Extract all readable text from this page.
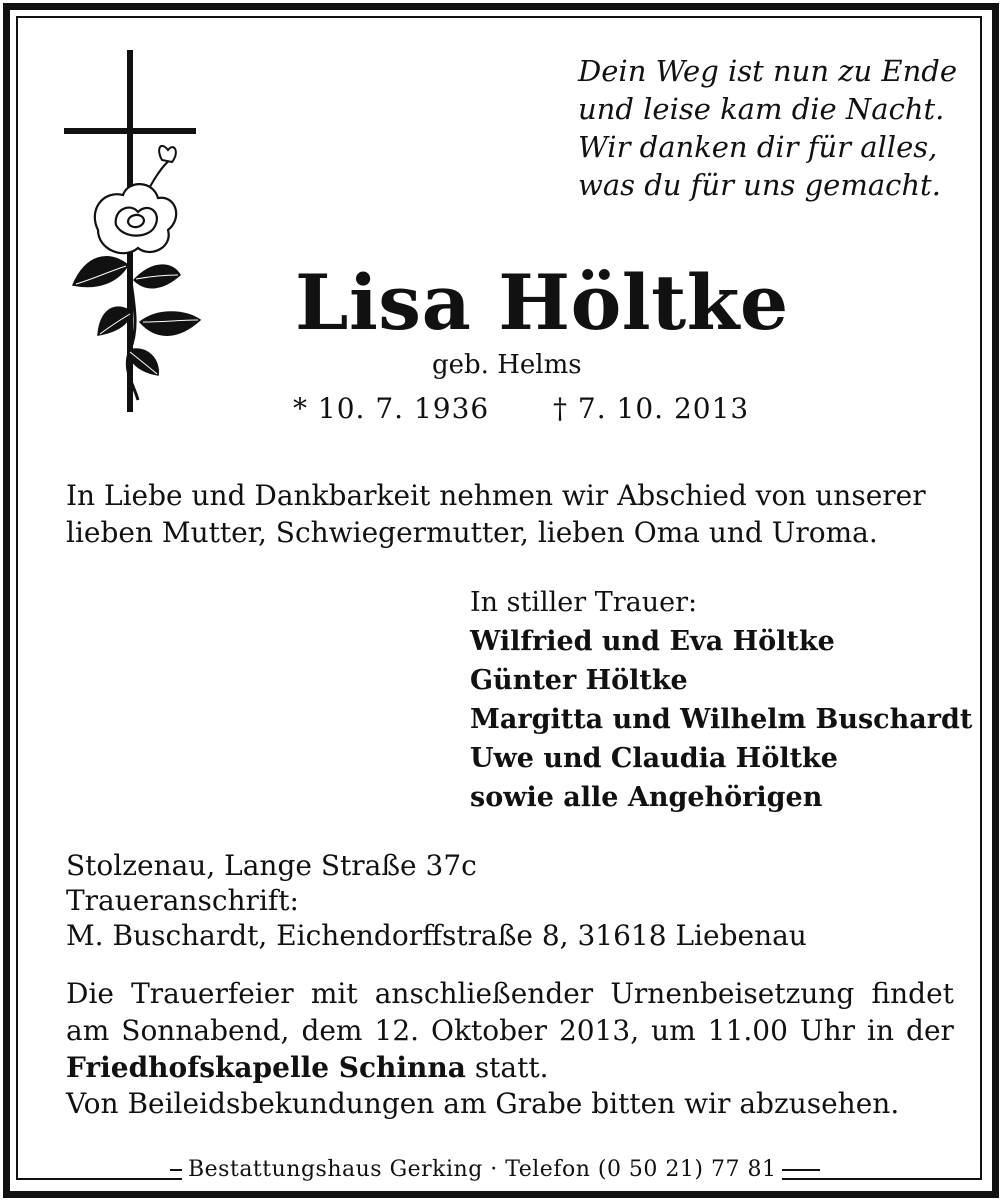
Dein Weg ist nun zu Ende
und leise kam die Nacht.
Wir danken dir für alles,
was du für uns gemacht.
Lisa Höltke
geb. Helms
* 10. 7. 1936 † 7. 10. 2013
In Liebe und Dankbarkeit nehmen wir Abschied von unserer
lieben Mutter, Schwiegermutter, lieben Oma und Uroma.
In stiller Trauer:
Wilfried und Eva Höltke
Günter Höltke
Margitta und Wilhelm Buschardt
Uwe und Claudia Höltke
sowie alle Angehörigen
Stolzenau, Lange Straße 37c
Traueranschrift:
M. Buschardt, Eichendorffstraße 8, 31618 Liebenau
Die Trauerfeier mit anschließender Urnenbeisetzung findet
am Sonnabend, dem 12. Oktober 2013, um 11.00 Uhr in der
Friedhofskapelle Schinna statt.
Von Beileidsbekundungen am Grabe bitten wir abzusehen.
Bestattungshaus Gerking · Telefon (0 50 21) 77 81
